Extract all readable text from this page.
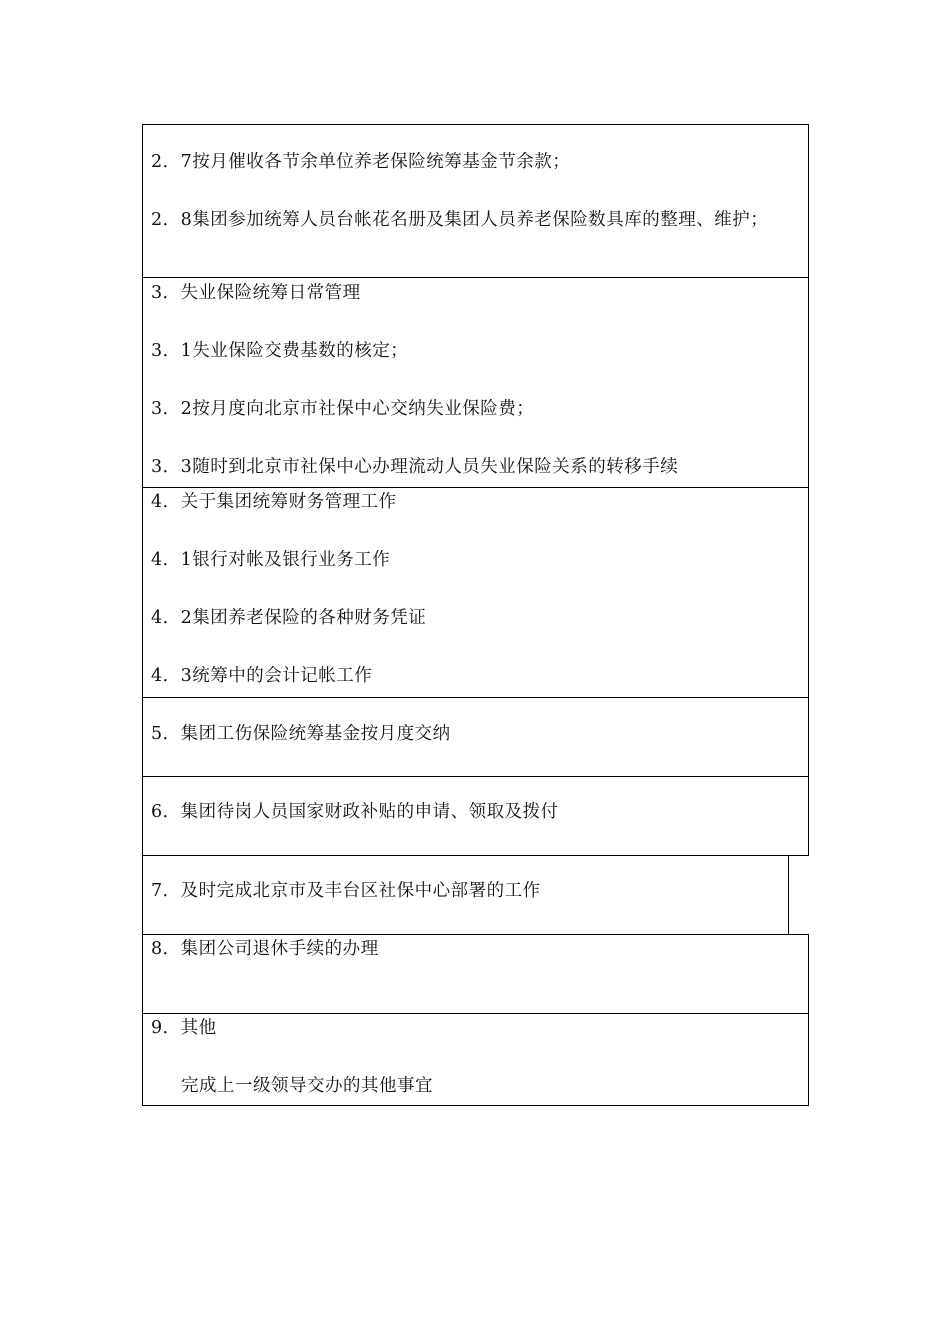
2．7按月催收各节余单位养老保险统筹基金节余款；
2．8集团参加统筹人员台帐花名册及集团人员养老保险数具库的整理、维护；
3．失业保险统筹日常管理
3．1失业保险交费基数的核定；
3．2按月度向北京市社保中心交纳失业保险费；
3．3随时到北京市社保中心办理流动人员失业保险关系的转移手续
4．关于集团统筹财务管理工作
4．1银行对帐及银行业务工作
4．2集团养老保险的各种财务凭证
4．3统筹中的会计记帐工作
5．集团工伤保险统筹基金按月度交纳
6．集团待岗人员国家财政补贴的申请、领取及拨付
7．及时完成北京市及丰台区社保中心部署的工作
8．集团公司退休手续的办理
9．其他
完成上一级领导交办的其他事宜
